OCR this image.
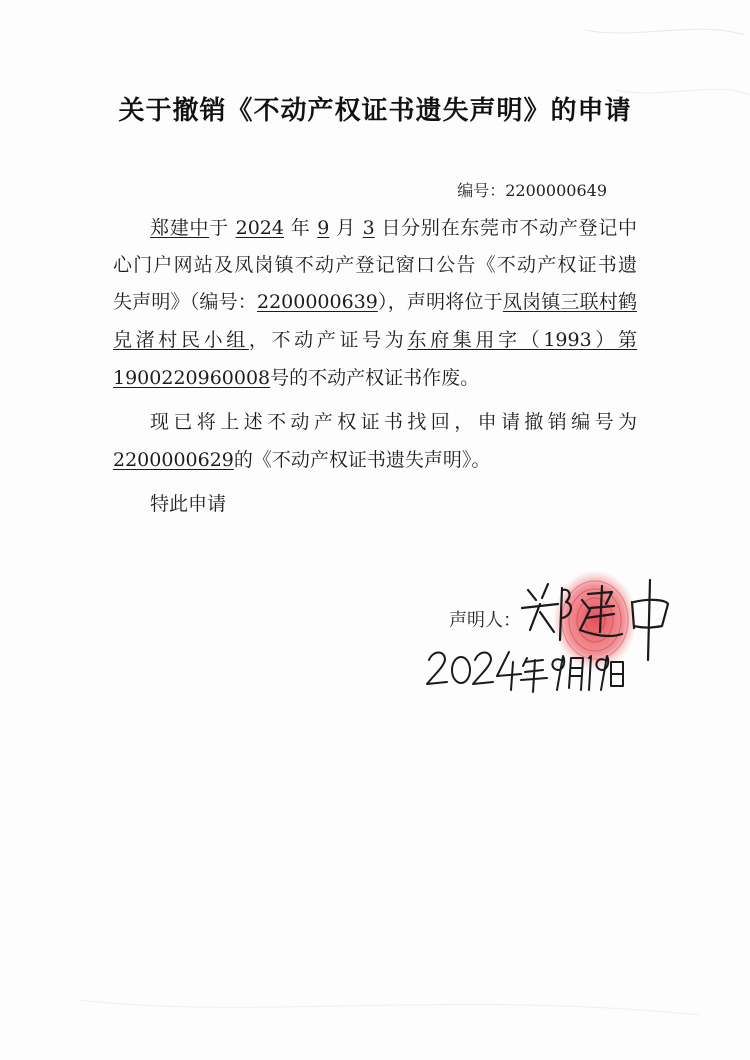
关于撤销《不动产权证书遗失声明》的申请
编号：2200000649
郑建中于 2024 年 9 月 3 日分别在东莞市不动产登记中
心门户网站及凤岗镇不动产登记窗口公告《不动产权证书遗
失声明》（编号：2200000639），声明将位于凤岗镇三联村鹤
皃渚村民小组，不动产证号为东府集用字（1993）第
1900220960008号的不动产权证书作废。
现已将上述不动产权证书找回，申请撤销编号为
2200000629的《不动产权证书遗失声明》。
特此申请
声明人：
